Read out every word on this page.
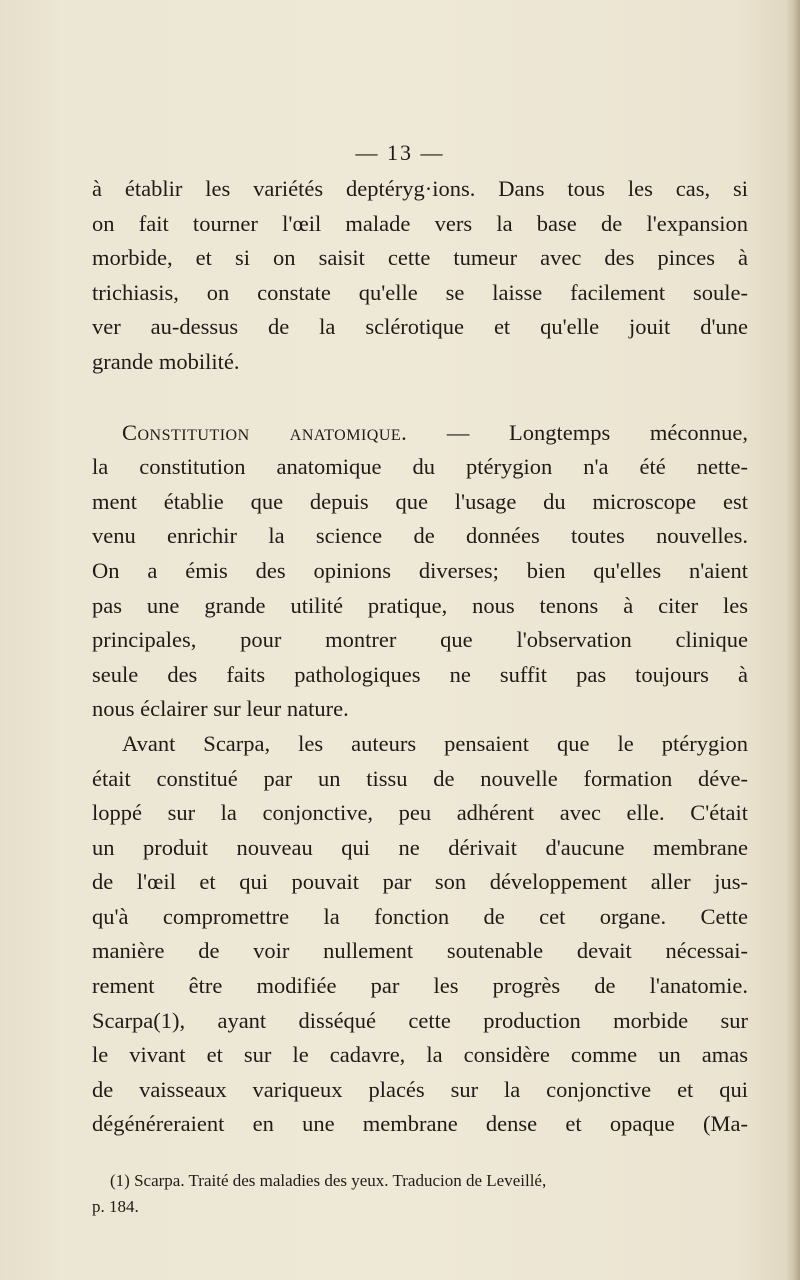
— 13 —

à établir les variétés deptéryg·ions. Dans tous les cas, si
on fait tourner l'œil malade vers la base de l'expansion
morbide, et si on saisit cette tumeur avec des pinces à
trichiasis, on constate qu'elle se laisse facilement soule-
ver au-dessus de la sclérotique et qu'elle jouit d'une
grande mobilité.

Constitution anatomique. — Longtemps méconnue,
la constitution anatomique du ptérygion n'a été nette-
ment établie que depuis que l'usage du microscope est
venu enrichir la science de données toutes nouvelles.
On a émis des opinions diverses; bien qu'elles n'aient
pas une grande utilité pratique, nous tenons à citer les
principales, pour montrer que l'observation clinique
seule des faits pathologiques ne suffit pas toujours à
nous éclairer sur leur nature.

Avant Scarpa, les auteurs pensaient que le ptérygion
était constitué par un tissu de nouvelle formation déve-
loppé sur la conjonctive, peu adhérent avec elle. C'était
un produit nouveau qui ne dérivait d'aucune membrane
de l'œil et qui pouvait par son développement aller jus-
qu'à compromettre la fonction de cet organe. Cette
manière de voir nullement soutenable devait nécessai-
rement être modifiée par les progrès de l'anatomie.
Scarpa(1), ayant disséqué cette production morbide sur
le vivant et sur le cadavre, la considère comme un amas
de vaisseaux variqueux placés sur la conjonctive et qui
dégénéreraient en une membrane dense et opaque (Ma-

(1) Scarpa. Traité des maladies des yeux. Traducion de Leveillé,
p. 184.
